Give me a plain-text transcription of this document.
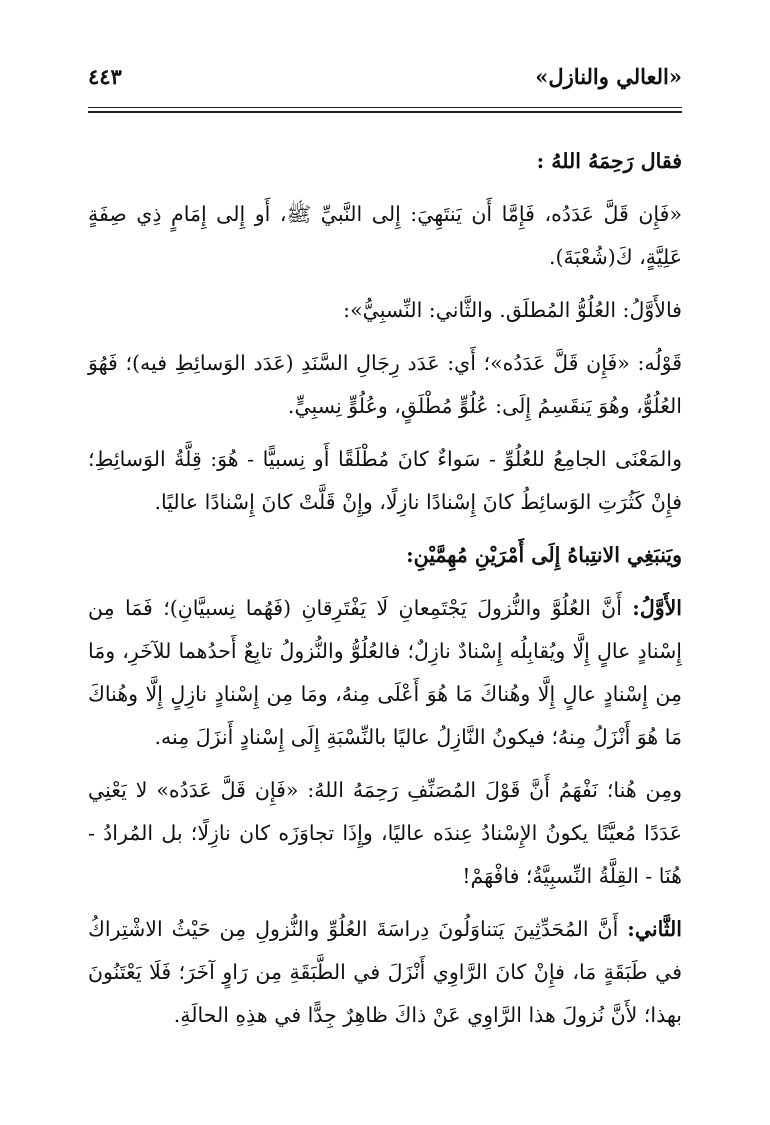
«العالي والنازل»
٤٤٣

فقال رَحِمَهُ اللهُ :

«فَإِن قَلَّ عَدَدُه، فَإِمَّا أَن يَنتَهِيَ: إِلى النَّبيِّ ﷺ، أَو إِلى إِمَامٍ ذِي صِفَةٍ عَلِيَّةٍ، كَ(شُعْبَةَ).

فالأَوَّلُ: العُلُوُّ المُطلَق. والثَّاني: النِّسبِيُّ»:

قَوْلُه: «فَإِن قَلَّ عَدَدُه»؛ أَي: عَدَد رِجَالِ السَّنَدِ (عَدَد الوَسائِطِ فيه)؛ فَهُوَ العُلُوُّ، وهُوَ يَنقَسِمُ إِلَى: عُلُوٍّ مُطْلَقٍ، وعُلُوٍّ نِسبِيٍّ.

والمَعْنَى الجامِعُ للعُلُوِّ - سَواءٌ كانَ مُطْلَقًا أَو نِسبيًّا - هُوَ: قِلَّةُ الوَسائِطِ؛ فإِنْ كَثُرَتِ الوَسائِطُ كانَ إِسْنادًا نازِلًا، وإِنْ قَلَّتْ كانَ إِسْنادًا عاليًا.

ويَنبَغِي الانتِباهُ إِلَى أَمْرَيْنِ مُهِمَّيْنِ:

الأَوَّلُ: أَنَّ العُلُوَّ والنُّزولَ يَجْتَمِعانِ لَا يَفْتَرِقانِ (فَهُما نِسبيَّانِ)؛ فَمَا مِن إِسْنادٍ عالٍ إِلَّا ويُقابِلُه إِسْنادٌ نازِلٌ؛ فالعُلُوُّ والنُّزولُ تابِعٌ أَحدُهما للآخَرِ، ومَا مِن إِسْنادٍ عالٍ إِلَّا وهُناكَ مَا هُوَ أَعْلَى مِنهُ، ومَا مِن إِسْنادٍ نازِلٍ إِلَّا وهُناكَ مَا هُوَ أَنْزَلُ مِنهُ؛ فيكونُ النَّازِلُ عاليًا بالنِّسْبَةِ إِلَى إِسْنادٍ أَنزَلَ مِنه.

ومِن هُنا؛ نَفْهَمُ أَنَّ قَوْلَ المُصَنِّفِ رَحِمَهُ اللهُ: «فَإِن قَلَّ عَدَدُه» لا يَعْنِي عَدَدًا مُعيَّنًا يكونُ الإِسْنادُ عِندَه عاليًا، وإِذَا تجاوَزَه كان نازِلًا؛ بل المُرادُ - هُنَا - القِلَّةُ النِّسبِيَّةُ؛ فافْهَمْ!

الثَّاني: أَنَّ المُحَدِّثِينَ يَتناوَلُونَ دِراسَةَ العُلُوِّ والنُّزولِ مِن حَيْثُ الاشْتِراكُ في طَبَقَةٍ مَا، فإِنْ كانَ الرَّاوِي أَنْزَلَ في الطَّبَقَةِ مِن رَاوٍ آخَرَ؛ فَلَا يَعْتَنُونَ بهذا؛ لأَنَّ نُزولَ هذا الرَّاوِي عَنْ ذاكَ ظاهِرٌ جِدًّا في هذِهِ الحالَةِ.
